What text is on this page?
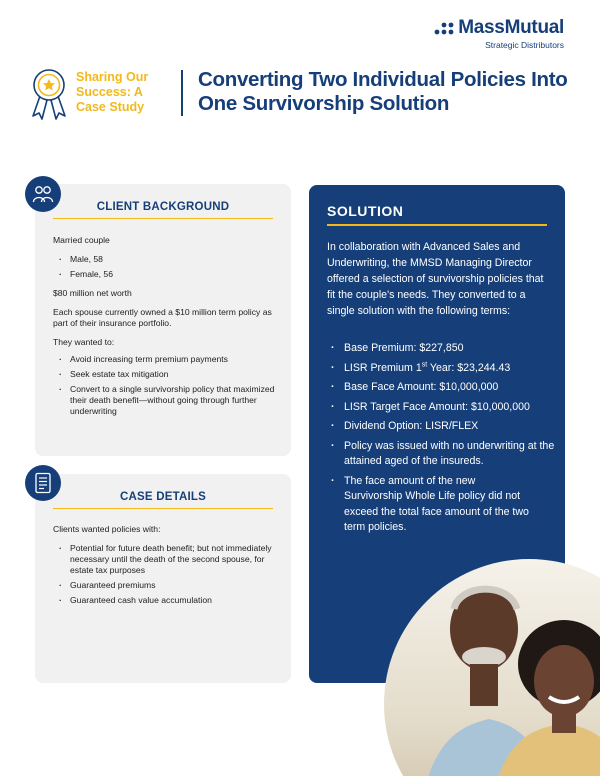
MassMutual
Strategic Distributors
Sharing Our Success: A Case Study
Converting Two Individual Policies Into One Survivorship Solution
CLIENT BACKGROUND
Married couple
· Male, 58
· Female, 56
$80 million net worth
Each spouse currently owned a $10 million term policy as part of their insurance portfolio.
They wanted to:
· Avoid increasing term premium payments
· Seek estate tax mitigation
· Convert to a single survivorship policy that maximized their death benefit—without going through further underwriting
CASE DETAILS
Clients wanted policies with:
· Potential for future death benefit; but not immediately necessary until the death of the second spouse, for estate tax purposes
· Guaranteed premiums
· Guaranteed cash value accumulation
SOLUTION

In collaboration with Advanced Sales and Underwriting, the MMSD Managing Director offered a selection of survivorship policies that fit the couple's needs. They converted to a single solution with the following terms:

· Base Premium: $227,850
· LISR Premium 1st Year: $23,244.43
· Base Face Amount: $10,000,000
· LISR Target Face Amount: $10,000,000
· Dividend Option: LISR/FLEX
· Policy was issued with no underwriting at the attained aged of the insureds.
· The face amount of the new Survivorship Whole Life policy did not exceed the total face amount of the two term policies.
